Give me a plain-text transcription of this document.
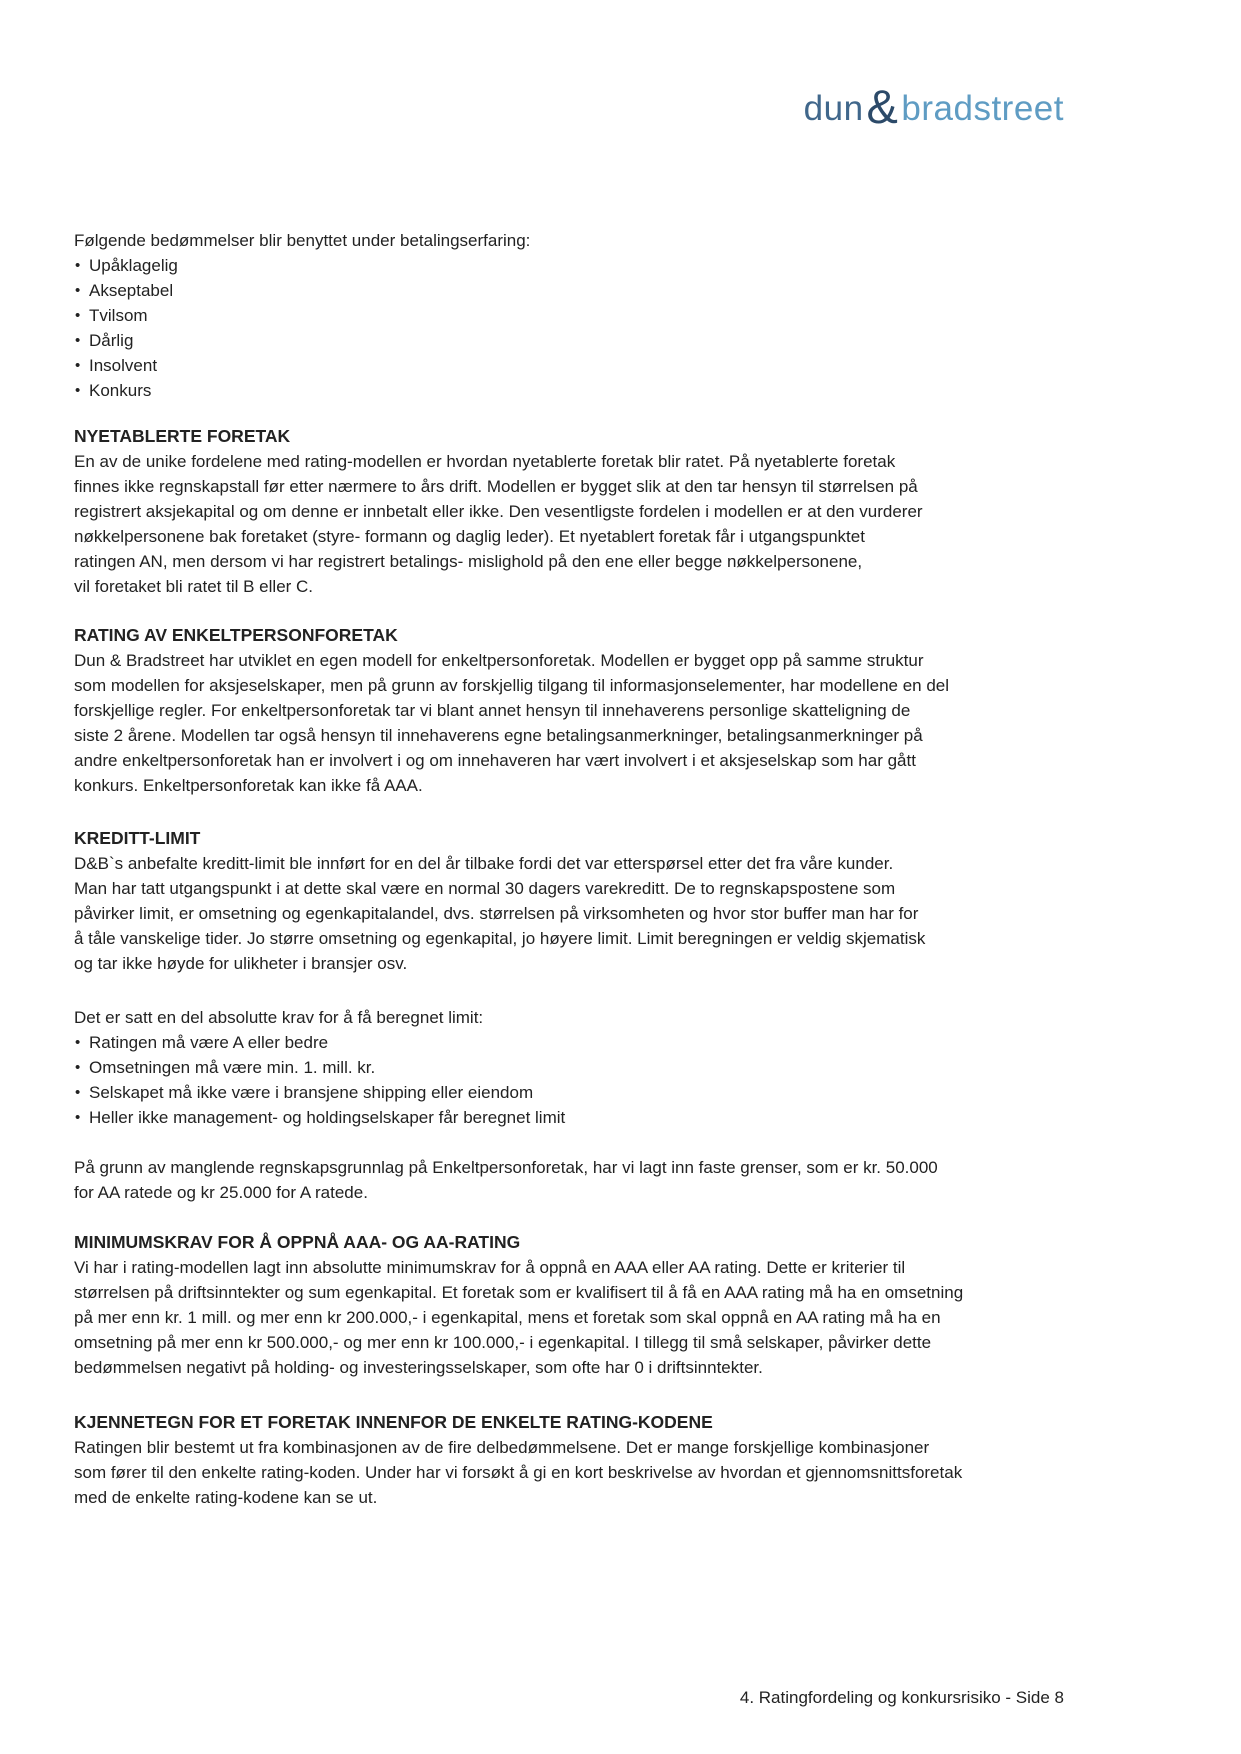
dun & bradstreet
Følgende bedømmelser blir benyttet under betalingserfaring:
• Upåklagelig
• Akseptabel
• Tvilsom
• Dårlig
• Insolvent
• Konkurs
NYETABLERTE FORETAK
En av de unike fordelene med rating-modellen er hvordan nyetablerte foretak blir ratet. På nyetablerte foretak
finnes ikke regnskapstall før etter nærmere to års drift. Modellen er bygget slik at den tar hensyn til størrelsen på
registrert aksjekapital og om denne er innbetalt eller ikke. Den vesentligste fordelen i modellen er at den vurderer
nøkkelpersonene bak foretaket (styre- formann og daglig leder). Et nyetablert foretak får i utgangspunktet
ratingen AN, men dersom vi har registrert betalings- mislighold på den ene eller begge nøkkelpersonene,
vil foretaket bli ratet til B eller C.
RATING AV ENKELTPERSONFORETAK
Dun & Bradstreet har utviklet en egen modell for enkeltpersonforetak. Modellen er bygget opp på samme struktur
som modellen for aksjeselskaper, men på grunn av forskjellig tilgang til informasjonselementer, har modellene en del
forskjellige regler. For enkeltpersonforetak tar vi blant annet hensyn til innehaverens personlige skatteligning de
siste 2 årene. Modellen tar også hensyn til innehaverens egne betalingsanmerkninger, betalingsanmerkninger på
andre enkeltpersonforetak han er involvert i og om innehaveren har vært involvert i et aksjeselskap som har gått
konkurs. Enkeltpersonforetak kan ikke få AAA.
KREDITT-LIMIT
D&B`s anbefalte kreditt-limit ble innført for en del år tilbake fordi det var etterspørsel etter det fra våre kunder.
Man har tatt utgangspunkt i at dette skal være en normal 30 dagers varekreditt. De to regnskapspostene som
påvirker limit, er omsetning og egenkapitalandel, dvs. størrelsen på virksomheten og hvor stor buffer man har for
å tåle vanskelige tider. Jo større omsetning og egenkapital, jo høyere limit. Limit beregningen er veldig skjematisk
og tar ikke høyde for ulikheter i bransjer osv.
Det er satt en del absolutte krav for å få beregnet limit:
• Ratingen må være A eller bedre
• Omsetningen må være min. 1. mill. kr.
• Selskapet må ikke være i bransjene shipping eller eiendom
• Heller ikke management- og holdingselskaper får beregnet limit
På grunn av manglende regnskapsgrunnlag på Enkeltpersonforetak, har vi lagt inn faste grenser, som er kr. 50.000
for AA ratede og kr 25.000 for A ratede.
MINIMUMSKRAV FOR Å OPPNÅ AAA- OG AA-RATING
Vi har i rating-modellen lagt inn absolutte minimumskrav for å oppnå en AAA eller AA rating. Dette er kriterier til
størrelsen på driftsinntekter og sum egenkapital. Et foretak som er kvalifisert til å få en AAA rating må ha en omsetning
på mer enn kr. 1 mill. og mer enn kr 200.000,- i egenkapital, mens et foretak som skal oppnå en AA rating må ha en
omsetning på mer enn kr 500.000,- og mer enn kr 100.000,- i egenkapital. I tillegg til små selskaper, påvirker dette
bedømmelsen negativt på holding- og investeringsselskaper, som ofte har 0 i driftsinntekter.
KJENNETEGN FOR ET FORETAK INNENFOR DE ENKELTE RATING-KODENE
Ratingen blir bestemt ut fra kombinasjonen av de fire delbedømmelsene. Det er mange forskjellige kombinasjoner
som fører til den enkelte rating-koden. Under har vi forsøkt å gi en kort beskrivelse av hvordan et gjennomsnittsforetak
med de enkelte rating-kodene kan se ut.
4. Ratingfordeling og konkursrisiko - Side 8
